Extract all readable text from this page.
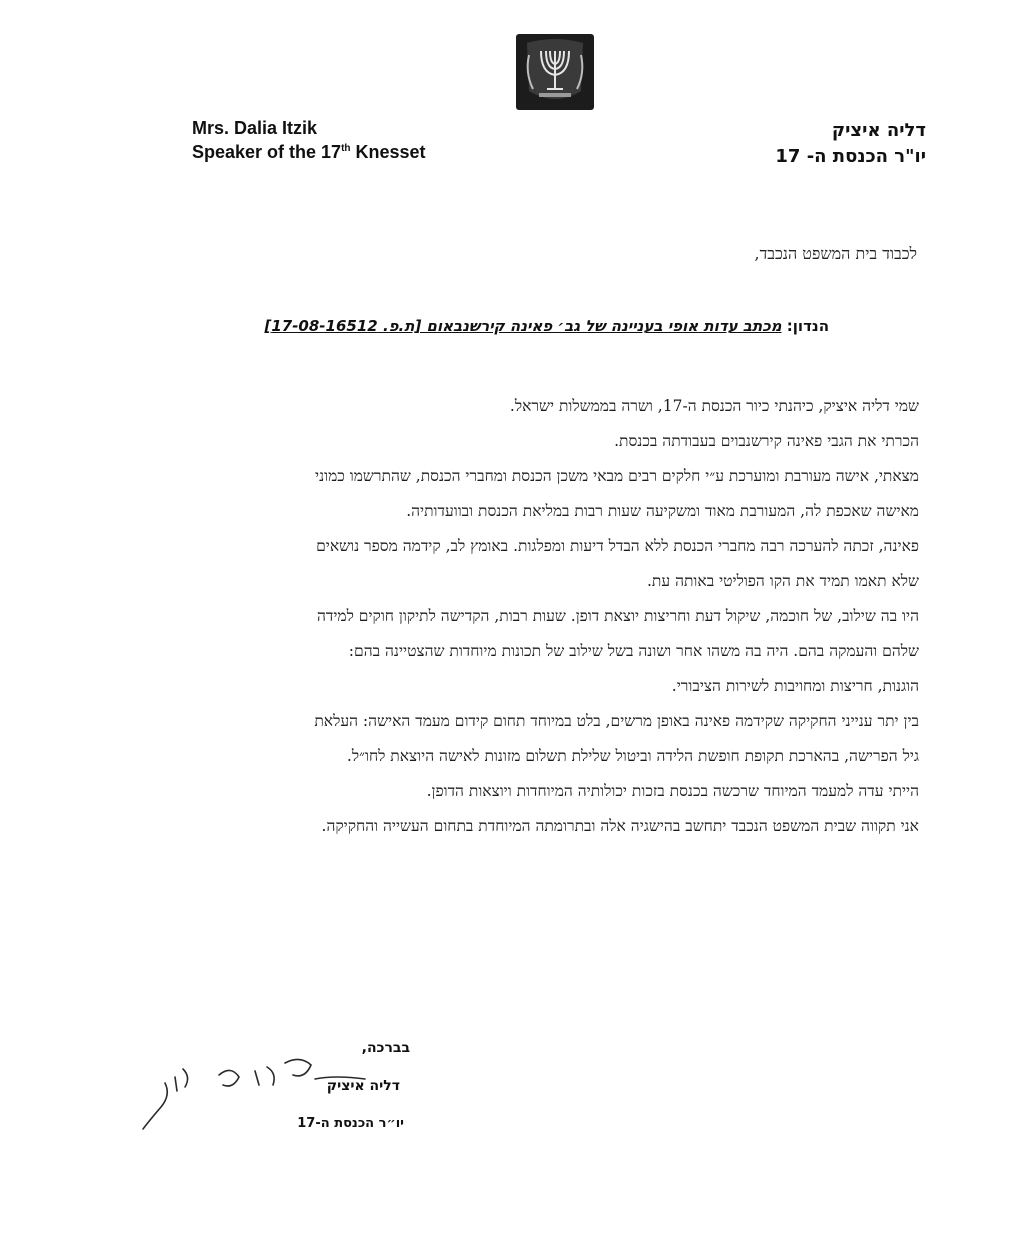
Mrs. Dalia Itzik
Speaker of the 17th Knesset
דליה איציק
יו"ר הכנסת ה- 17
לכבוד בית המשפט הנכבד,
הנדון: מכתב עדות אופי בעניינה של גב׳ פאינה קירשנבאום [ת.פ. 17-08-16512]
שמי דליה איציק, כיהנתי כיור הכנסת ה-17, ושרה בממשלות ישראל.
הכרתי את הגבי פאינה קירשנבוים בעבודתה בכנסת.
מצאתי, אישה מעורבת ומוערכת ע״י חלקים רבים מבאי משכן הכנסת ומחברי הכנסת, שהתרשמו כמוני
מאישה שאכפת לה, המעורבת מאוד ומשקיעה שעות רבות במליאת הכנסת ובוועדותיה.
פאינה, זכתה להערכה רבה מחברי הכנסת ללא הבדל דיעות ומפלגות. באומץ לב, קידמה מספר נושאים
שלא תאמו תמיד את הקו הפוליטי באותה עת.
היו בה שילוב, של חוכמה, שיקול דעת וחריצות יוצאת דופן. שעות רבות, הקדישה לתיקון חוקים למידה
שלהם והעמקה בהם. היה בה משהו אחר ושונה בשל שילוב של תכונות מיוחדות שהצטיינה בהם:
הוגנות, חריצות ומחויבות לשירות הציבורי.
בין יתר ענייני החקיקה שקידמה פאינה באופן מרשים, בלט במיוחד תחום קידום מעמד האישה: העלאת
גיל הפרישה, בהארכת תקופת חופשת הלידה וביטול שלילת תשלום מזונות לאישה היוצאת לחו״ל.
הייתי עדה למעמד המיוחד שרכשה בכנסת בזכות יכולותיה המיוחדות ויוצאות הדופן.
אני תקווה שבית המשפט הנכבד יתחשב בהישגיה אלה ובתרומתה המיוחדת בתחום העשייה והחקיקה.
בברכה,
דליה איציק
יו״ר הכנסת ה-17
